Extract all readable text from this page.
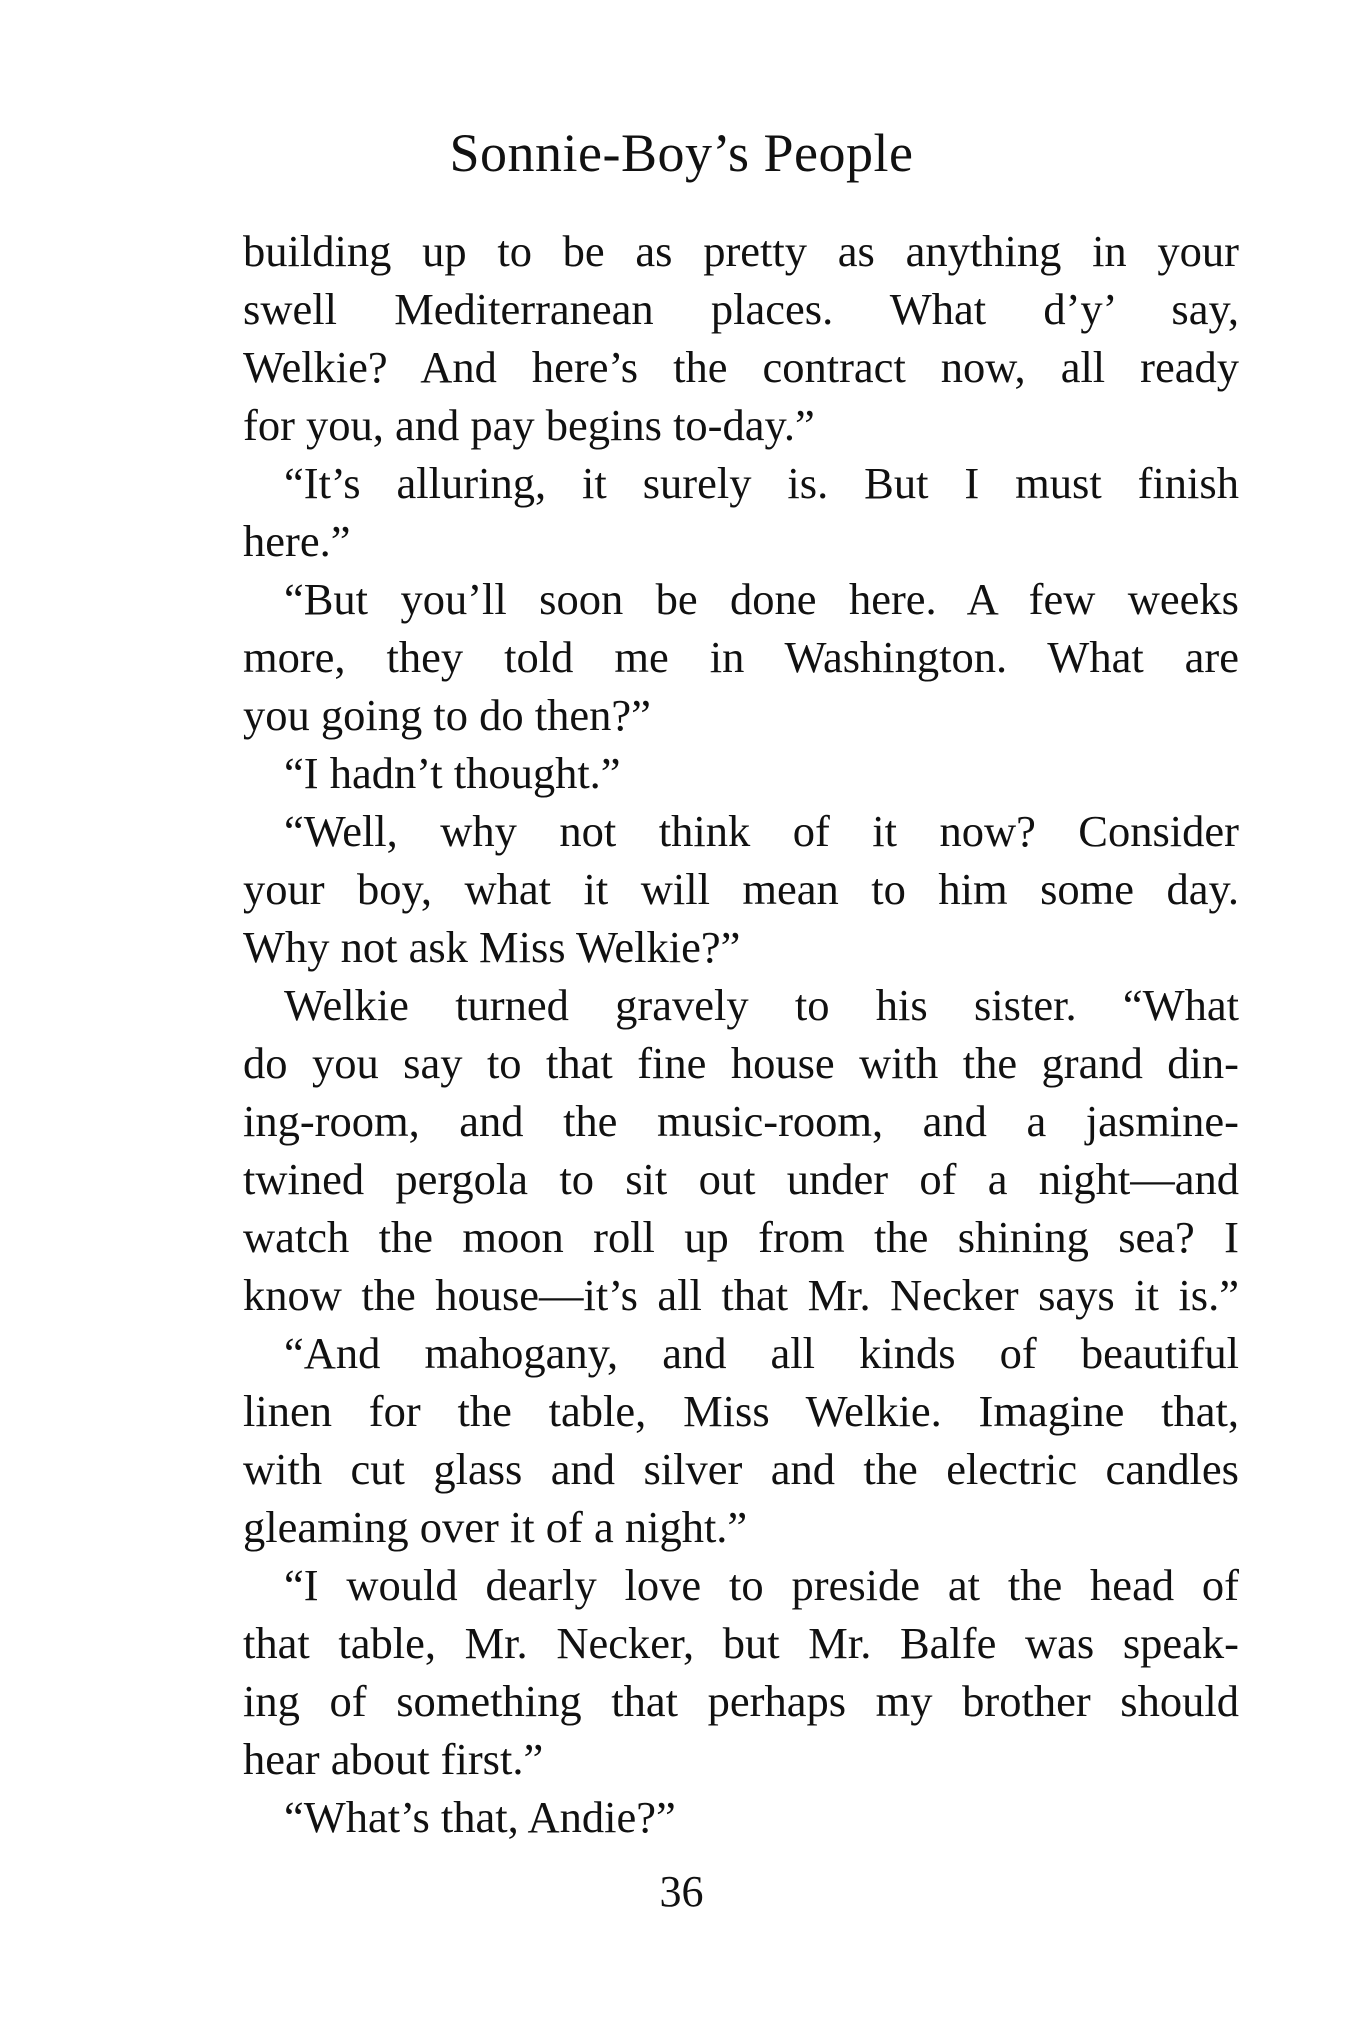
Sonnie-Boy’s People
building up to be as pretty as anything in your
swell Mediterranean places. What d’y’ say,
Welkie? And here’s the contract now, all ready
for you, and pay begins to-day.”
“It’s alluring, it surely is. But I must finish
here.”
“But you’ll soon be done here. A few weeks
more, they told me in Washington. What are
you going to do then?”
“I hadn’t thought.”
“Well, why not think of it now? Consider
your boy, what it will mean to him some day.
Why not ask Miss Welkie?”
Welkie turned gravely to his sister. “What
do you say to that fine house with the grand din-
ing-room, and the music-room, and a jasmine-
twined pergola to sit out under of a night—and
watch the moon roll up from the shining sea? I
know the house—it’s all that Mr. Necker says it is.”
“And mahogany, and all kinds of beautiful
linen for the table, Miss Welkie. Imagine that,
with cut glass and silver and the electric candles
gleaming over it of a night.”
“I would dearly love to preside at the head of
that table, Mr. Necker, but Mr. Balfe was speak-
ing of something that perhaps my brother should
hear about first.”
“What’s that, Andie?”
36
